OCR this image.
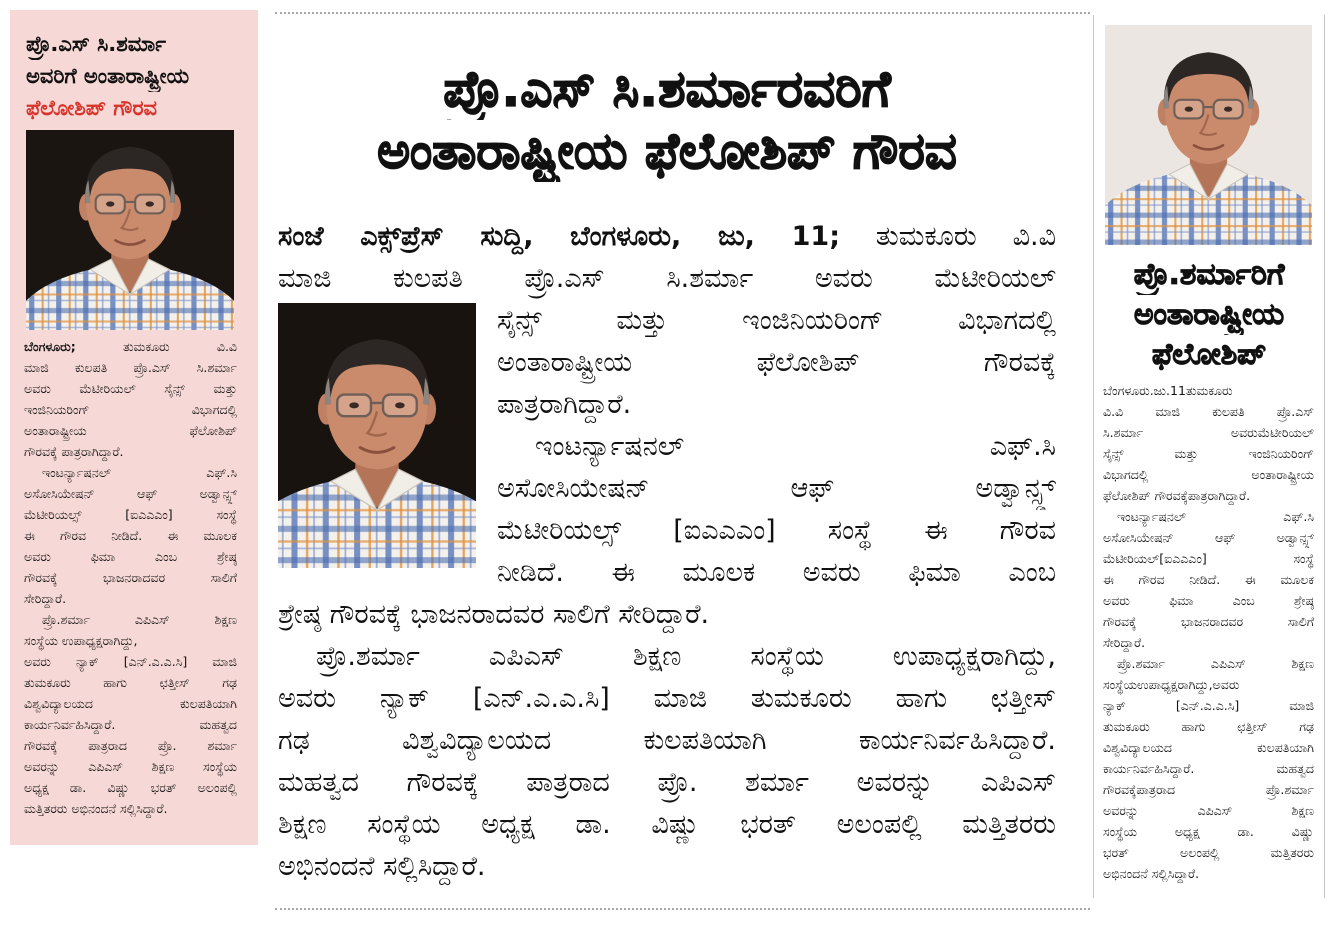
ಪ್ರೊ.ಎಸ್ ಸಿ.ಶರ್ಮಾ
ಅವರಿಗೆ ಅಂತಾರಾಷ್ಟ್ರೀಯ
ಫೆಲೋಶಿಪ್ ಗೌರವ
ಬೆಂಗಳೂರು;	ತುಮಕೂರು ವಿ.ವಿ
ಮಾಜಿ ಕುಲಪತಿ ಪ್ರೊ.ಎಸ್ ಸಿ.ಶರ್ಮಾ
ಅವರು ಮೆಟೀರಿಯಲ್ ಸೈನ್ಸ್ ಮತ್ತು
ಇಂಜಿನಿಯರಿಂಗ್ ವಿಭಾಗದಲ್ಲಿ
ಅಂತಾರಾಷ್ಟ್ರೀಯ ಫೆಲೋಶಿಪ್
ಗೌರವಕ್ಕೆ ಪಾತ್ರರಾಗಿದ್ದಾರೆ.
ಇಂಟರ್ನ್ಯಾಷನಲ್ ಎಫ್.ಸಿ
ಅಸೋಸಿಯೇಷನ್ ಆಫ್ ಅಡ್ವಾನ್ಸ್ಡ್
ಮೆಟೀರಿಯಲ್ಸ್ [ಐಎಎಎಂ] ಸಂಸ್ಥೆ
ಈ ಗೌರವ ನೀಡಿದೆ. ಈ ಮೂಲಕ
ಅವರು ಫಿಮಾ ಎಂಬ ಶ್ರೇಷ್ಠ
ಗೌರವಕ್ಕೆ ಭಾಜನರಾದವರ ಸಾಲಿಗೆ
ಸೇರಿದ್ದಾರೆ.
ಪ್ರೊ.ಶರ್ಮಾ ಎಪಿಎಸ್ ಶಿಕ್ಷಣ
ಸಂಸ್ಥೆಯ ಉಪಾಧ್ಯಕ್ಷರಾಗಿದ್ದು,
ಅವರು ನ್ಯಾಕ್ [ಎನ್.ಎ.ಎ.ಸಿ] ಮಾಜಿ
ತುಮಕೂರು ಹಾಗು ಛತ್ತೀಸ್ ಗಢ
ವಿಶ್ವವಿದ್ಯಾಲಯದ ಕುಲಪತಿಯಾಗಿ
ಕಾರ್ಯನಿರ್ವಹಿಸಿದ್ದಾರೆ. ಮಹತ್ವದ
ಗೌರವಕ್ಕೆ ಪಾತ್ರರಾದ ಪ್ರೊ. ಶರ್ಮಾ
ಅವರನ್ನು ಎಪಿಎಸ್ ಶಿಕ್ಷಣ ಸಂಸ್ಥೆಯ
ಅಧ್ಯಕ್ಷ ಡಾ. ವಿಷ್ಣು ಭರತ್ ಅಲಂಪಲ್ಲಿ
ಮತ್ತಿತರರು ಅಭಿನಂದನೆ ಸಲ್ಲಿಸಿದ್ದಾರೆ.
ಪ್ರೊ.ಎಸ್ ಸಿ.ಶರ್ಮಾರವರಿಗೆ
ಅಂತಾರಾಷ್ಟ್ರೀಯ ಫೆಲೋಶಿಪ್ ಗೌರವ
ಸಂಜೆ ಎಕ್ಸ್‌ಪ್ರೆಸ್ ಸುದ್ದಿ, ಬೆಂಗಳೂರು, ಜು, 11; ತುಮಕೂರು ವಿ.ವಿ
ಮಾಜಿ ಕುಲಪತಿ ಪ್ರೊ.ಎಸ್ ಸಿ.ಶರ್ಮಾ ಅವರು ಮೆಟೀರಿಯಲ್
ಸೈನ್ಸ್ ಮತ್ತು ಇಂಜಿನಿಯರಿಂಗ್ ವಿಭಾಗದಲ್ಲಿ
ಅಂತಾರಾಷ್ಟ್ರೀಯ ಫೆಲೋಶಿಪ್ ಗೌರವಕ್ಕೆ
ಪಾತ್ರರಾಗಿದ್ದಾರೆ.
ಇಂಟರ್ನ್ಯಾಷನಲ್ ಎಫ್.ಸಿ
ಅಸೋಸಿಯೇಷನ್ ಆಫ್ ಅಡ್ವಾನ್ಸ್ಡ್
ಮೆಟೀರಿಯಲ್ಸ್ [ಐಎಎಎಂ] ಸಂಸ್ಥೆ ಈ ಗೌರವ
ನೀಡಿದೆ. ಈ ಮೂಲಕ ಅವರು ಫಿಮಾ ಎಂಬ
ಶ್ರೇಷ್ಠ ಗೌರವಕ್ಕೆ ಭಾಜನರಾದವರ ಸಾಲಿಗೆ ಸೇರಿದ್ದಾರೆ.
ಪ್ರೊ.ಶರ್ಮಾ ಎಪಿಎಸ್ ಶಿಕ್ಷಣ ಸಂಸ್ಥೆಯ ಉಪಾಧ್ಯಕ್ಷರಾಗಿದ್ದು,
ಅವರು ನ್ಯಾಕ್ [ಎನ್.ಎ.ಎ.ಸಿ] ಮಾಜಿ ತುಮಕೂರು ಹಾಗು ಛತ್ತೀಸ್
ಗಢ ವಿಶ್ವವಿದ್ಯಾಲಯದ ಕುಲಪತಿಯಾಗಿ ಕಾರ್ಯನಿರ್ವಹಿಸಿದ್ದಾರೆ.
ಮಹತ್ವದ ಗೌರವಕ್ಕೆ ಪಾತ್ರರಾದ ಪ್ರೊ. ಶರ್ಮಾ ಅವರನ್ನು ಎಪಿಎಸ್
ಶಿಕ್ಷಣ ಸಂಸ್ಥೆಯ ಅಧ್ಯಕ್ಷ ಡಾ. ವಿಷ್ಣು ಭರತ್ ಅಲಂಪಲ್ಲಿ ಮತ್ತಿತರರು
ಅಭಿನಂದನೆ ಸಲ್ಲಿಸಿದ್ದಾರೆ.
ಪ್ರೊ.ಶರ್ಮಾರಿಗೆ
ಅಂತಾರಾಷ್ಟ್ರೀಯ
ಫೆಲೋಶಿಪ್
ಬೆಂಗಳೂರು.ಜು.11ತುಮಕೂರು
ವಿ.ವಿ ಮಾಜಿ ಕುಲಪತಿ ಪ್ರೊ.ಎಸ್
ಸಿ.ಶರ್ಮಾ ಅವರುಮೆಟೀರಿಯಲ್
ಸೈನ್ಸ್ ಮತ್ತು ಇಂಜಿನಿಯರಿಂಗ್
ವಿಭಾಗದಲ್ಲಿ ಅಂತಾರಾಷ್ಟ್ರೀಯ
ಫೆಲೋಶಿಪ್ ಗೌರವಕ್ಕೆಪಾತ್ರರಾಗಿದ್ದಾರೆ.
ಇಂಟರ್ನ್ಯಾಷನಲ್ ಎಫ್.ಸಿ
ಅಸೋಸಿಯೇಷನ್ ಆಫ್ ಅಡ್ವಾನ್ಸ್ಡ್
ಮೆಟೀರಿಯಲ್[ಐಎಎಎಂ] ಸಂಸ್ಥೆ
ಈ ಗೌರವ ನೀಡಿದೆ. ಈ ಮೂಲಕ
ಅವರು ಫಿಮಾ ಎಂಬ ಶ್ರೇಷ್ಠ
ಗೌರವಕ್ಕೆ ಭಾಜನರಾದವರ ಸಾಲಿಗೆ
ಸೇರಿದ್ದಾರೆ.
ಪ್ರೊ.ಶರ್ಮಾ ಎಪಿಎಸ್ ಶಿಕ್ಷಣ
ಸಂಸ್ಥೆಯಉಪಾಧ್ಯಕ್ಷರಾಗಿದ್ದು,ಅವರು
ನ್ಯಾಕ್ [ಎನ್.ಎ.ಎ.ಸಿ] ಮಾಜಿ
ತುಮಕೂರು ಹಾಗು ಛತ್ತೀಸ್ ಗಢ
ವಿಶ್ವವಿದ್ಯಾಲಯದ ಕುಲಪತಿಯಾಗಿ
ಕಾರ್ಯನಿರ್ವಹಿಸಿದ್ದಾರೆ. ಮಹತ್ವದ
ಗೌರವಕ್ಕೆಪಾತ್ರರಾದ ಪ್ರೊ.ಶರ್ಮಾ
ಅವರನ್ನು ಎಪಿಎಸ್ ಶಿಕ್ಷಣ
ಸಂಸ್ಥೆಯ ಅಧ್ಯಕ್ಷ ಡಾ. ವಿಷ್ಣು
ಭರತ್ ಅಲಂಪಲ್ಲಿ ಮತ್ತಿತರರು
ಅಭಿನಂದನೆ ಸಲ್ಲಿಸಿದ್ದಾರೆ.
